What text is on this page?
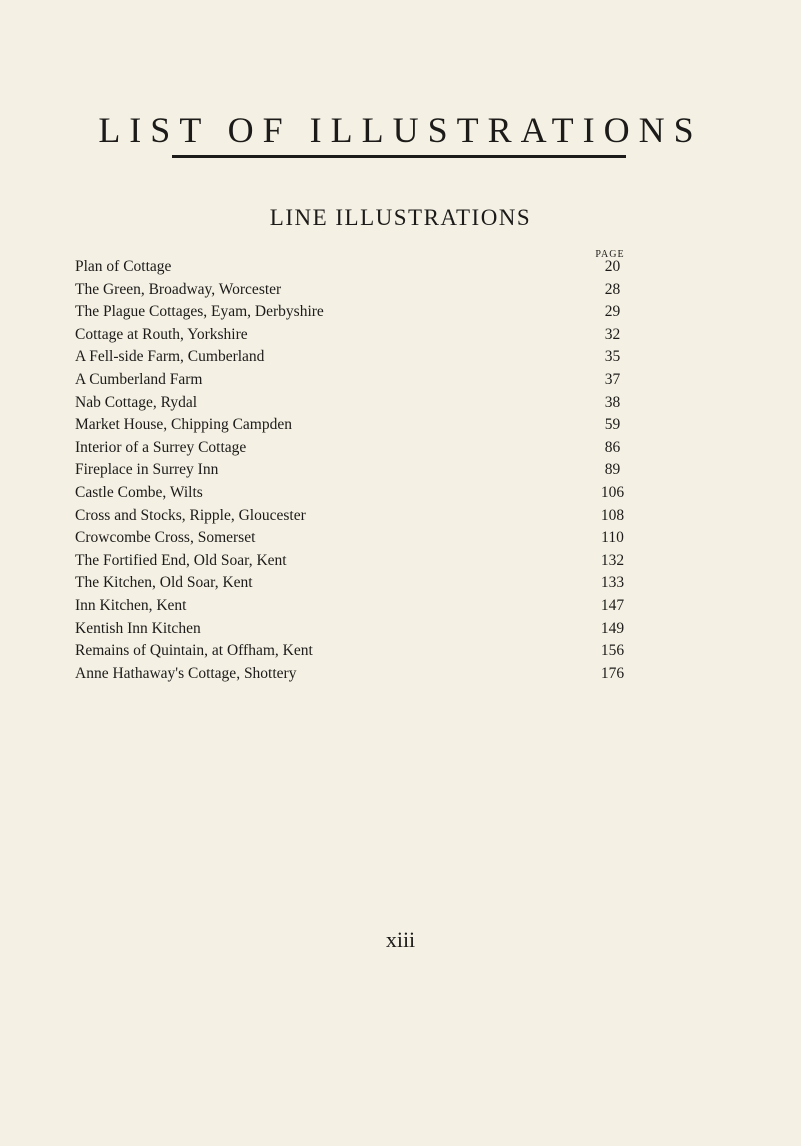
LIST OF ILLUSTRATIONS
LINE ILLUSTRATIONS
PAGE
Plan of Cottage	20
The Green, Broadway, Worcester	28
The Plague Cottages, Eyam, Derbyshire	29
Cottage at Routh, Yorkshire	32
A Fell-side Farm, Cumberland	35
A Cumberland Farm	37
Nab Cottage, Rydal	38
Market House, Chipping Campden	59
Interior of a Surrey Cottage	86
Fireplace in Surrey Inn	89
Castle Combe, Wilts	106
Cross and Stocks, Ripple, Gloucester	108
Crowcombe Cross, Somerset	110
The Fortified End, Old Soar, Kent	132
The Kitchen, Old Soar, Kent	133
Inn Kitchen, Kent	147
Kentish Inn Kitchen	149
Remains of Quintain, at Offham, Kent	156
Anne Hathaway's Cottage, Shottery	176
xiii
